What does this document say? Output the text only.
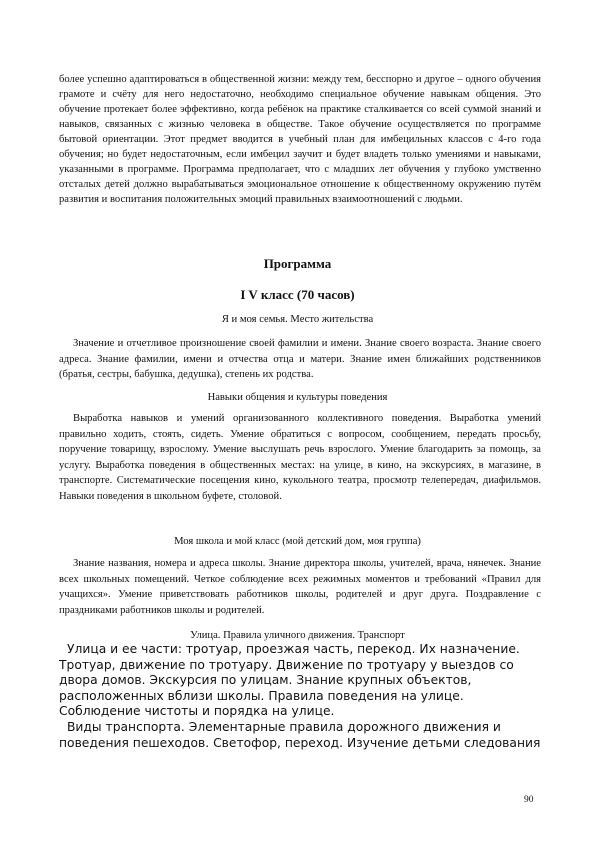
более успешно адаптироваться в общественной жизни: между тем, бесспорно и другое – одного обучения грамоте и счёту для него недостаточно, необходимо специальное обучение навыкам общения. Это обучение протекает более эффективно, когда ребёнок на практике сталкивается со всей суммой знаний и навыков, связанных с жизнью человека в обществе. Такое обучение осуществляется по программе бытовой ориентации. Этот предмет вводится в учебный план для имбецильных классов с 4-го года обучения; но будет недостаточным, если имбецил заучит и будет владеть только умениями и навыками, указанными в программе. Программа предполагает, что с младших лет обучения у глубоко умственно отсталых детей должно вырабатываться эмоциональное отношение к общественному окружению путём развития и воспитания положительных эмоций правильных взаимоотношений с людьми.
Программа
I V класс (70 часов)
Я и моя семья. Место жительства
Значение и отчетливое произношение своей фамилии и имени. Знание своего возраста. Знание своего адреса. Знание фамилии, имени и отчества отца и матери. Знание имен ближайших родственников (братья, сестры, бабушка, дедушка), степень их родства.
Навыки общения и культуры поведения
Выработка навыков и умений организованного коллективного поведения. Выработка умений правильно ходить, стоять, сидеть. Умение обратиться с вопросом, сообщением, передать просьбу, поручение товарищу, взрослому. Умение выслушать речь взрослого. Умение благодарить за помощь, за услугу. Выработка поведения в общественных местах: на улице, в кино, на экскурсиях, в магазине, в транспорте. Систематические посещения кино, кукольного театра, просмотр телепередач, диафильмов. Навыки поведения в школьном буфете, столовой.
Моя школа и мой класс (мой детский дом, моя группа)
Знание названия, номера и адреса школы. Знание директора школы, учителей, врача, нянечек. Знание всех школьных помещений. Четкое соблюдение всех режимных моментов и требований «Правил для учащихся». Умение приветствовать работников школы, родителей и друг друга. Поздравление с праздниками работников школы и родителей.
Улица. Правила уличного движения. Транспорт

Улица и ее части: тротуар, проезжая часть, перекод. Их назначение. Тротуар, движение по тротуару. Движение по тротуару у выездов со двора домов. Экскурсия по улицам. Знание крупных объектов, расположенных вблизи школы. Правила поведения на улице. Соблюдение чистоты и порядка на улице.

Виды транспорта. Элементарные правила дорожного движения и поведения пешеходов. Светофор, переход. Изучение детьми следования

90
